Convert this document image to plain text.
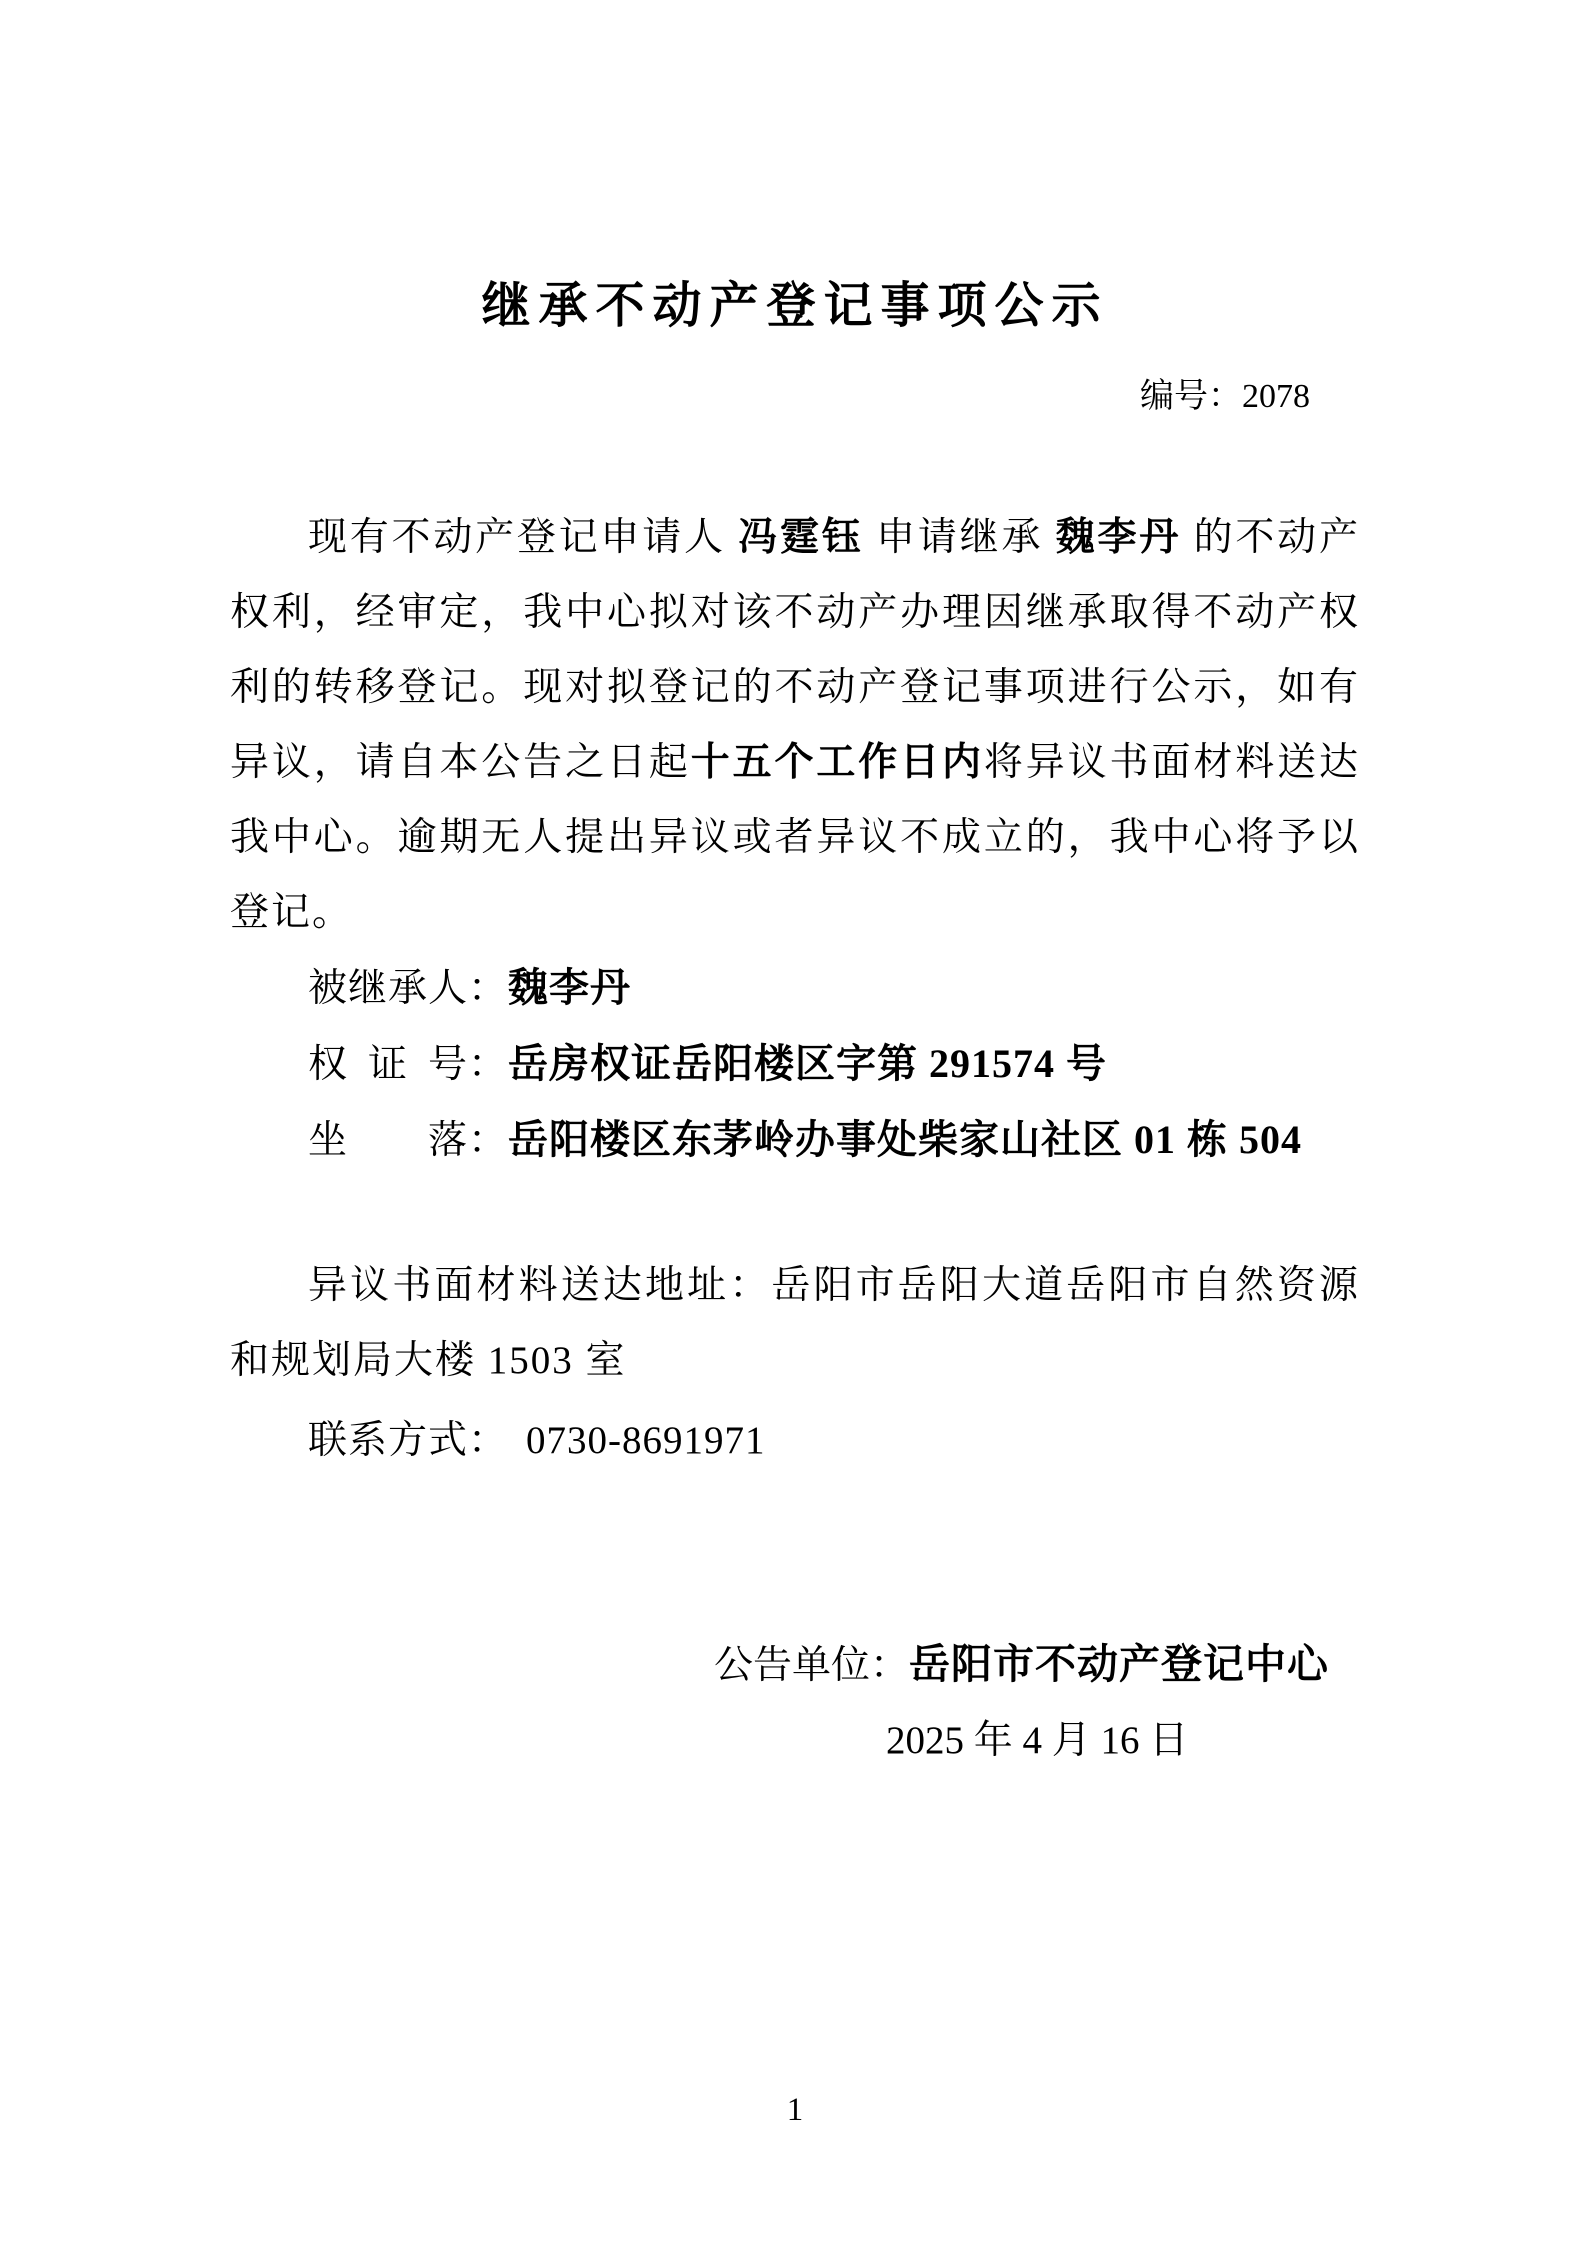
继承不动产登记事项公示
编号：2078

现有不动产登记申请人 冯霆钰 申请继承 魏李丹 的不动产权利，经审定，我中心拟对该不动产办理因继承取得不动产权利的转移登记。现对拟登记的不动产登记事项进行公示，如有异议，请自本公告之日起十五个工作日内将异议书面材料送达我中心。逾期无人提出异议或者异议不成立的，我中心将予以登记。

被继承人：魏李丹
权证号：岳房权证岳阳楼区字第 291574 号
坐落：岳阳楼区东茅岭办事处柴家山社区 01 栋 504

异议书面材料送达地址：岳阳市岳阳大道岳阳市自然资源和规划局大楼 1503 室

联系方式： 0730-8691971
公告单位：岳阳市不动产登记中心
2025 年 4 月 16 日
1
